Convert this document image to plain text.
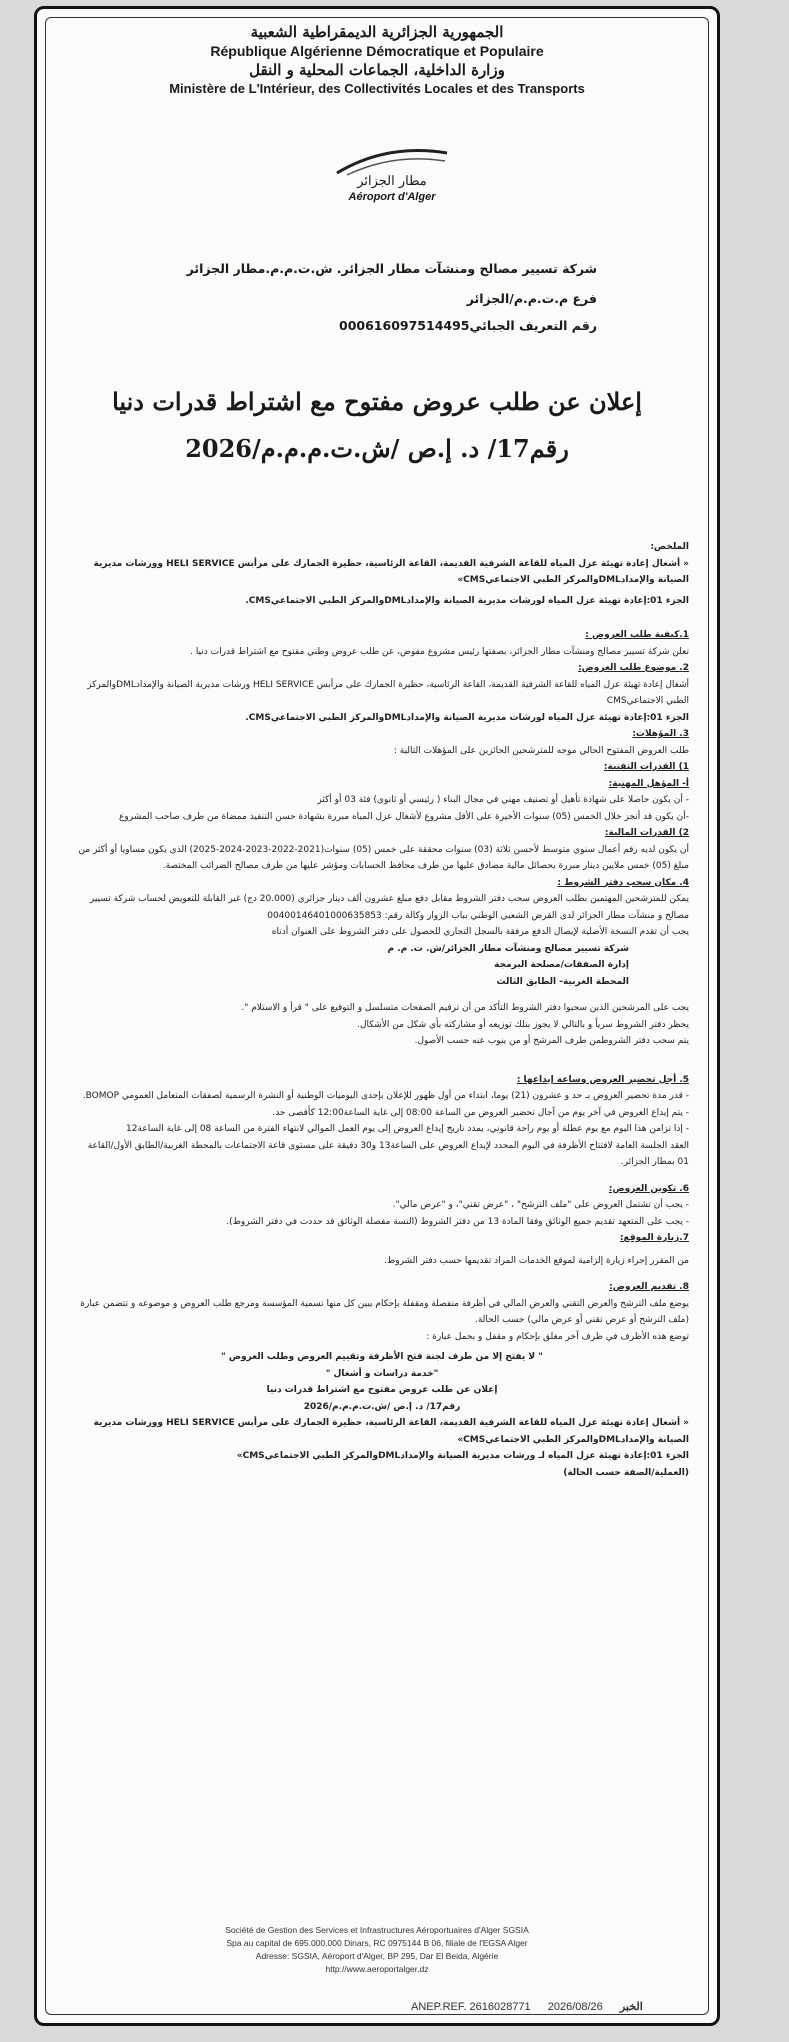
الجمهورية الجزائرية الديمقراطية الشعبية
République Algérienne Démocratique et Populaire
وزارة الداخلية، الجماعات المحلية و النقل
Ministère de L'Intérieur, des Collectivités Locales et des Transports
مطار الجزائر
Aéroport d'Alger
شركة تسيير مصالح ومنشآت مطار الجزائر. ش.ت.م.م.مطار الجزائر
فرع م.ت.م.م/الجزائر
رقم التعريف الجبائي000616097514495
إعلان عن طلب عروض مفتوح مع اشتراط قدرات دنيا
رقم17/ د. إ.ص /ش.ت.م.م.م/2026

الملخص:

« أشغال إعادة تهيئة عزل المياه للقاعة الشرفية القديمة، القاعة الرئاسية، حظيرة الجمارك على مرأبس HELI SERVICE وورشات مديرية الصيانة والإمدادDMLوالمركز الطبي الاجتماعيCMS»

الجزء 01:إعادة تهيئة عزل المياه لورشات مديرية الصيانة والإمدادDMLوالمركز الطبي الاجتماعيCMS.

1.كيفية طلب العروض :

تعلن شركة تسيير مصالح ومنشآت مطار الجزائر، بصفتها رئيس مشروع مفوض، عن طلب عروض وطني مفتوح مع اشتراط قدرات دنيا .

2. موضوع طلب العروض:

أشغال إعادة تهيئة عزل المياه للقاعة الشرفية القديمة، القاعة الرئاسية، حظيرة الجمارك على مرأبس HELI SERVICE ورشات مديرية الصيانة والإمدادDMLوالمركز الطبي الاجتماعيCMS

الجزء 01:إعادة تهيئة عزل المياه لورشات مديرية الصيانة والإمدادDMLوالمركز الطبي الاجتماعيCMS.

3. المؤهلات:

طلب العروض المفتوح الحالي موجه للمترشحين الحائزين على المؤهلات التالية :

1) القدرات التقنية:

أ- المؤهل المهنية:

- أن يكون حاصلا على شهادة تأهيل أو تصنيف مهني في مجال البناء ( رئيسي أو ثانوي) فئة 03 أو أكثر

-أن يكون قد أنجز خلال الخمس (05) سنوات الأخيرة على الأقل مشروع لأشغال عزل المياه مبررة بشهادة حسن التنفيذ ممضاة من طرف صاحب المشروع

2) القدرات المالية:

أن يكون لديه رقم أعمال سنوي متوسط لأحسن ثلاثة (03) سنوات محققة على خمس (05) سنوات(2021-2022-2023-2024-2025) الذي يكون مساويا أو أكثر من مبلغ (05) خمس ملايين دينار مبررة بحصائل مالية مصادق عليها من طرف محافظ الحسابات ومؤشر عليها من طرف مصالح الضرائب المختصة.

4. مكان سحب دفتر الشروط :

يمكن للمترشحين المهتمين بطلب العروض سحب دفتر الشروط مقابل دفع مبلغ عشرون ألف دينار جزائري (20.000 دج) غير القابلة للتعويض لحساب شركة تسيير مصالح و منشآت مطار الجزائر لدى القرض الشعبي الوطني بباب الزوار وكالة رقم: 00400146401000635853

يجب أن تقدم النسخة الأصلية لإيصال الدفع مرفقة بالسجل التجاري للحصول على دفتر الشروط على العنوان أدناه

شركة تسيير مصالح ومنشآت مطار الجزائر/ش. ت. م. م

إدارة الصفقات/مصلحة البرمجة

المحطة الغربية- الطابق الثالث

يجب على المرشحين الذين سحبوا دفتر الشروط التأكد من أن ترقيم الصفحات متسلسل و التوقيع على " قرأ و الاستلام ".

يحظر دفتر الشروط سرياً و بالتالي لا يجوز بتلك توزيعه أو مشاركته بأي شكل من الأشكال.

يتم سحب دفتر الشروطمن طرف المرشح أو من ينوب عنه حسب الأصول.

5. أجل تحضير العروض وساعة إيداعها :

- قدر مدة تحضير العروض بـ حد و عشرون (21) يوما، ابتداء من أول ظهور للإعلان بإحدى اليوميات الوطنية أو النشرة الرسمية لصفقات المتعامل العمومي BOMOP.

- يتم إيداع العروض في آخر يوم من آجال تحضير العروض من الساعة 08:00 إلى غاية الساعة12:00 كأقصى حد.

- إذا تزامن هذا اليوم مع يوم عطلة أو يوم راحة قانوني، يمدد تاريخ إيداع العروض إلى يوم العمل الموالي لانتهاء الفترة من الساعة 08 إلى غاية الساعة12

العقد الجلسة العامة لافتتاح الأظرفة في اليوم المحدد لإيداع العروض على الساعة13 و30 دقيقة على مستوى قاعة الاجتماعات بالمحطة الغربية/الطابق الأول/القاعة 01 بمطار الجزائر.

6. تكوين العروض:

- يجب أن تشتمل العروض على "ملف الترشح" ، "عرض تقني"، و "عرض مالي".

- يجب على المتعهد تقديم جميع الوثائق وفقا المادة 13 من دفتر الشروط (التسة مفصلة الوثائق قد حددت في دفتر الشروط).

7.زيارة الموقع:

من المقرر إجراء زيارة إلزامية لموقع الخدمات المراد تقديمها حسب دفتر الشروط.

8. تقديم العروض:

يوضع ملف الترشح والعرض التقني والعرض المالي في أظرفة منفصلة ومقفلة بإحكام يبين كل منها تسمية المؤسسة ومرجع طلب العروض و موضوعه و تتضمن عبارة (ملف الترشح أو عرض تقني أو عرض مالي) حسب الحالة.

توضع هذه الأظرف في ظرف آخر مغلق بإحكام و مقفل و بحمل عبارة :

" لا يفتح إلا من طرف لجنة فتح الأظرفة وتقييم العروض وطلب العروض "

"خدمة دراسات و أشغال "

إعلان عن طلب عروض مفتوح مع اشتراط قدرات دنيا

رقم17/ د. إ.ص /ش.ت.م.م.م/2026

« أشغال إعادة تهيئة عزل المياه للقاعة الشرفية القديمة، القاعة الرئاسية، حظيرة الجمارك على مرأبس HELI SERVICE وورشات مديرية الصيانة والإمدادDMLوالمركز الطبي الاجتماعيCMS»

الجزء 01:إعادة تهيئة عزل المياه لـ ورشات مديرية الصيانة والإمدادDMLوالمركز الطبي الاجتماعيCMS»

(العملية/الصفة حسب الحالة)

Société de Gestion des Services et Infrastructures Aéroportuaires d'Alger SGSIA
Spa au capital de 695.000.000 Dinars, RC 0975144 B 06, filiale de l'EGSA Alger
Adresse: SGSIA, Aéroport d'Alger, BP 295, Dar El Beida, Algérie
http://www.aeroportalger.dz
ANEP.REF. 2616028771 2026/08/26 الخبر
